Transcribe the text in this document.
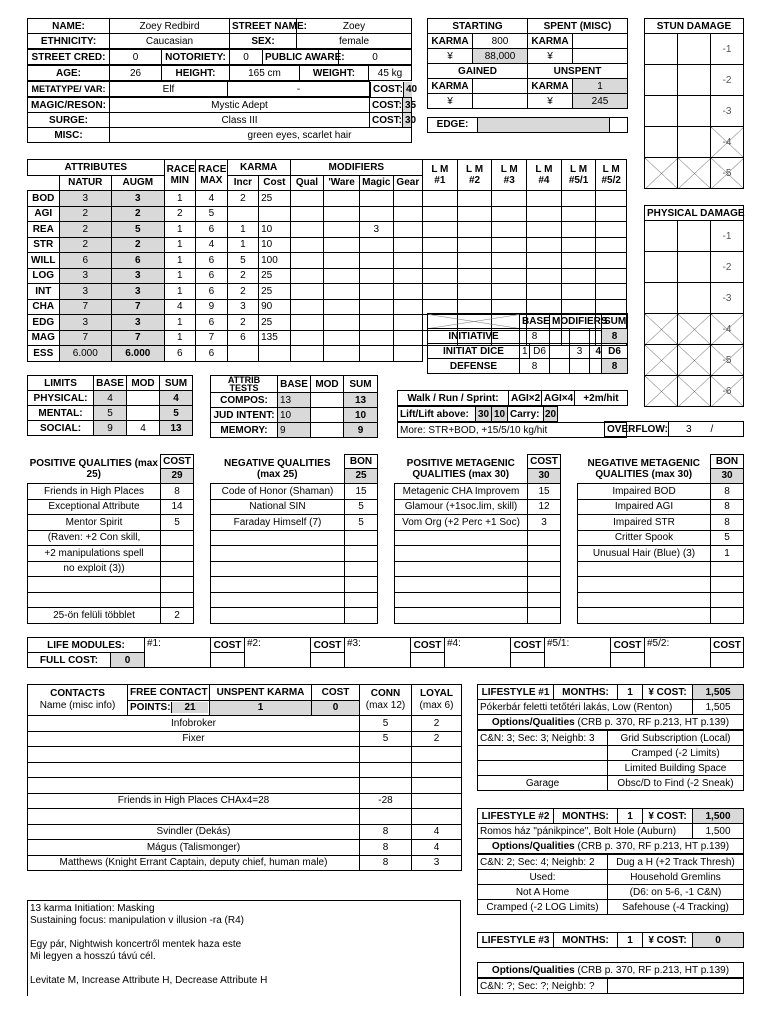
NAME:	Zoey Redbird	STREET NAME:	Zoey
ETHNICITY:	Caucasian	SEX:	female
STREET CRED:	0	NOTORIETY:	0	PUBLIC AWARE:	0
AGE:	26	HEIGHT:	165 cm	WEIGHT:	45 kg
METATYPE/ VAR:	Elf	-		COST:	40
MAGIC/RESON:	Mystic Adept	COST:	35
SURGE:	Class III	COST:	30
MISC:	green eyes, scarlet hair		
STARTING		SPENT (MISC)	
KARMA	800	KARMA	
¥	88,000	¥	
GAINED		UNSPENT	
KARMA		KARMA	1
¥		¥	245

EDGE:		
STUN DAMAGE		
		-1
		-2
		-3
		-4
		-5
PHYSICAL DAMAGE		
		-1
		-2
		-3
		-4
		-5
		-6
ATTRIBUTES			RACE MIN	RACE MAX	KARMA		MODIFIERS				L M #1	L M #2	L M #3	L M #4	L M #5/1	L M #5/2
	NATUR	AUGM			Incr	Cost	Qual	'Ware	Magic	Gear						
BOD	3	3	1	4	2	25										
AGI	2	2	2	5												
REA	2	5	1	6	1	10			3							
STR	2	2	1	4	1	10										
WILL	6	6	1	6	5	100										
LOG	3	3	1	6	2	25										
INT	3	3	1	6	2	25										
CHA	7	7	4	9	3	90										
EDG	3	3	1	6	2	25										
MAG	7	7	1	7	6	135										
ESS	6.000	6.000	6	6												
	BASE		MODIFIERS			SUM
INITIATIVE	8					8
INITIAT DICE	1	D6		3	4	D6
DEFENSE	8					8
LIMITS	BASE	MOD	SUM
PHYSICAL:	4		4
MENTAL:	5		5
SOCIAL:	9	4	13
ATTRIB TESTS	BASE	MOD	SUM
COMPOS:	13		13
JUD INTENT:	10		10
MEMORY:	9		9
Walk / Run / Sprint:	AGI×2	AGI×4	+2m/hit
Lift/Lift above:	30	10	Carry:	20	
More: STR+BOD, +15/5/10 kg/hit	OVERFLOW:	3	/
POSITIVE QUALITIES (max 25)	COST
29

Friends in High Places	8
Exceptional Attribute	14
Mentor Spirit	5
(Raven: +2 Con skill,	
+2 manipulations spell	
no exploit (3))	

25-ön felüli többlet	2
NEGATIVE QUALITIES (max 25)	BON
25

Code of Honor (Shaman)	15
National SIN	5
Faraday Himself (7)	5

POSITIVE METAGENIC QUALITIES (max 30)	COST
30

Metagenic CHA Improvem	15
Glamour (+1soc.lim, skill)	12
Vom Org (+2 Perc +1 Soc)	3

NEGATIVE METAGENIC QUALITIES (max 30)	BON
30

Impaired BOD	8
Impaired AGI	8
Impaired STR	8
Critter Spook	5
Unusual Hair (Blue) (3)	1

LIFE MODULES:		#1:	COST	#2:	COST	#3:	COST	#4:	COST	#5/1:	COST	#5/2:	COST	
FULL COST:	0													
CONTACTS
Name (misc info)	FREE CONTACT	UNSPENT KARMA	COST	CONN
(max 12)	LOYAL
(max 6)
	POINTS: 21	1	0		
Infobroker				5	2
Fixer				5	2

Friends in High Places CHAx4=28				-28	

Svindler (Dekás)				8	4
Mágus (Talismonger)				8	4
Matthews (Knight Errant Captain, deputy chief, human male)				8	3
13 karma Initiation: Masking
Sustaining focus: manipulation v illusion -ra (R4)
Egy pár, Nightwish koncertről mentek haza este
Mi legyen a hosszú távú cél.
Levitate M, Increase Attribute H, Decrease Attribute H
LIFESTYLE #1	MONTHS:	1	¥ COST:	1,505
Pókerbár feletti tetőtéri lakás, Low (Renton)				1,505
Options/Qualities (CRB p. 370, RF p.213, HT p.139)				
C&N: 3; Sec: 3; Neighb: 3	Grid Subscription (Local)
	Cramped (-2 Limits)
	Limited Building Space
Garage	Obsc/D to Find (-2 Sneak)
LIFESTYLE #2	MONTHS:	1	¥ COST:	1,500
Romos ház "pánikpince", Bolt Hole (Auburn)				1,500
Options/Qualities (CRB p. 370, RF p.213, HT p.139)				
C&N: 2; Sec: 4; Neighb: 2	Dug a H (+2 Track Thresh)
Used:	Household Gremlins
Not A Home	(D6: on 5-6, -1 C&N)
Cramped (-2 LOG Limits)	Safehouse (-4 Tracking)
LIFESTYLE #3	MONTHS:	1	¥ COST:	0

Options/Qualities (CRB p. 370, RF p.213, HT p.139)
C&N: ?; Sec: ?; Neighb: ?	
